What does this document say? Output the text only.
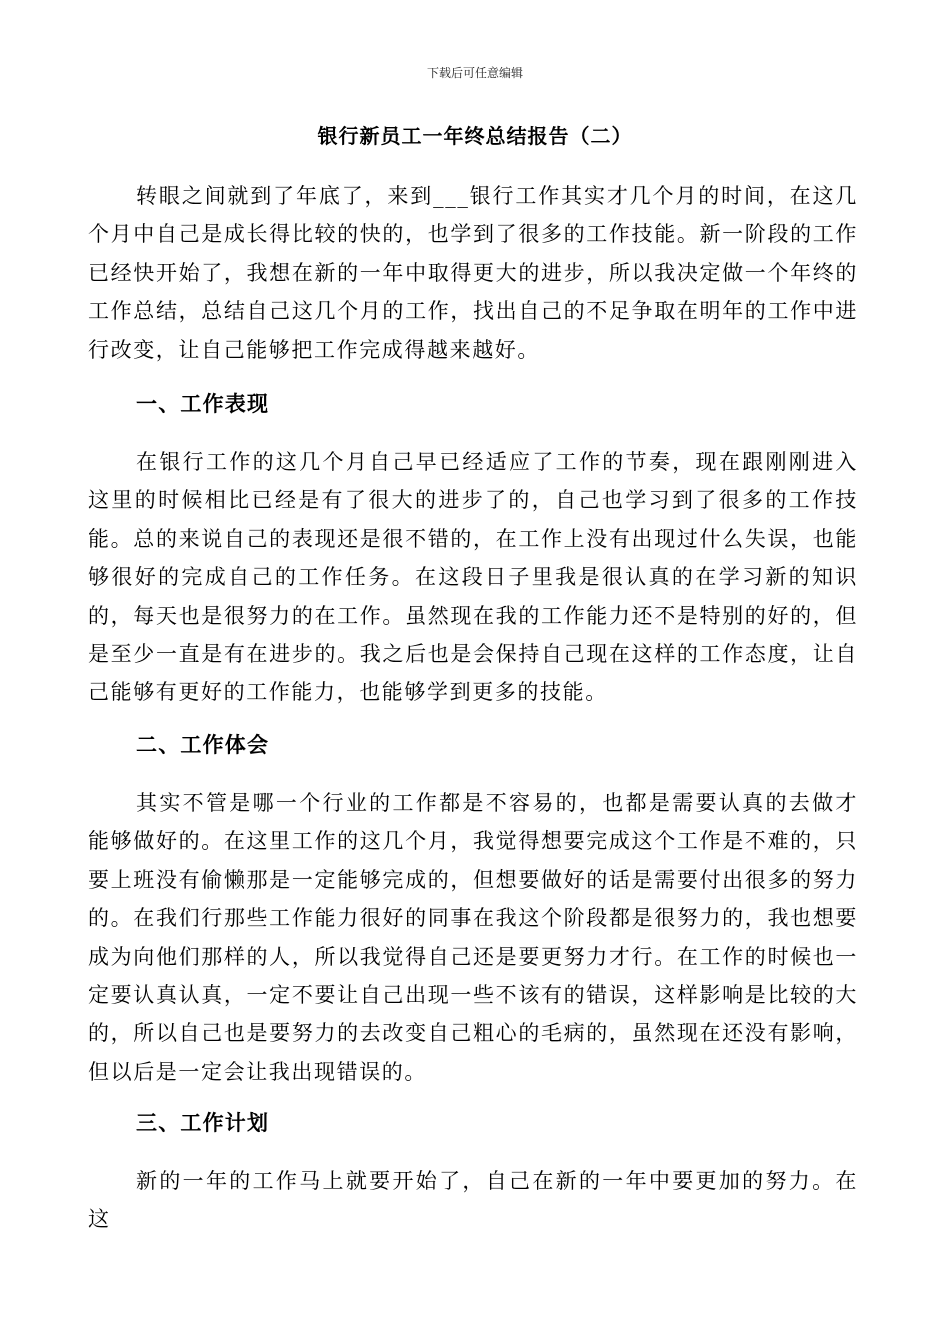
下载后可任意编辑
银行新员工一年终总结报告（二）

转眼之间就到了年底了，来到___银行工作其实才几个月的时间，在这几个月中自己是成长得比较的快的，也学到了很多的工作技能。新一阶段的工作已经快开始了，我想在新的一年中取得更大的进步，所以我决定做一个年终的工作总结，总结自己这几个月的工作，找出自己的不足争取在明年的工作中进行改变，让自己能够把工作完成得越来越好。

一、工作表现

在银行工作的这几个月自己早已经适应了工作的节奏，现在跟刚刚进入这里的时候相比已经是有了很大的进步了的，自己也学习到了很多的工作技能。总的来说自己的表现还是很不错的，在工作上没有出现过什么失误，也能够很好的完成自己的工作任务。在这段日子里我是很认真的在学习新的知识的，每天也是很努力的在工作。虽然现在我的工作能力还不是特别的好的，但是至少一直是有在进步的。我之后也是会保持自己现在这样的工作态度，让自己能够有更好的工作能力，也能够学到更多的技能。

二、工作体会

其实不管是哪一个行业的工作都是不容易的，也都是需要认真的去做才能够做好的。在这里工作的这几个月，我觉得想要完成这个工作是不难的，只要上班没有偷懒那是一定能够完成的，但想要做好的话是需要付出很多的努力的。在我们行那些工作能力很好的同事在我这个阶段都是很努力的，我也想要成为向他们那样的人，所以我觉得自己还是要更努力才行。在工作的时候也一定要认真认真，一定不要让自己出现一些不该有的错误，这样影响是比较的大的，所以自己也是要努力的去改变自己粗心的毛病的，虽然现在还没有影响，但以后是一定会让我出现错误的。

三、工作计划

新的一年的工作马上就要开始了，自己在新的一年中要更加的努力。在这
